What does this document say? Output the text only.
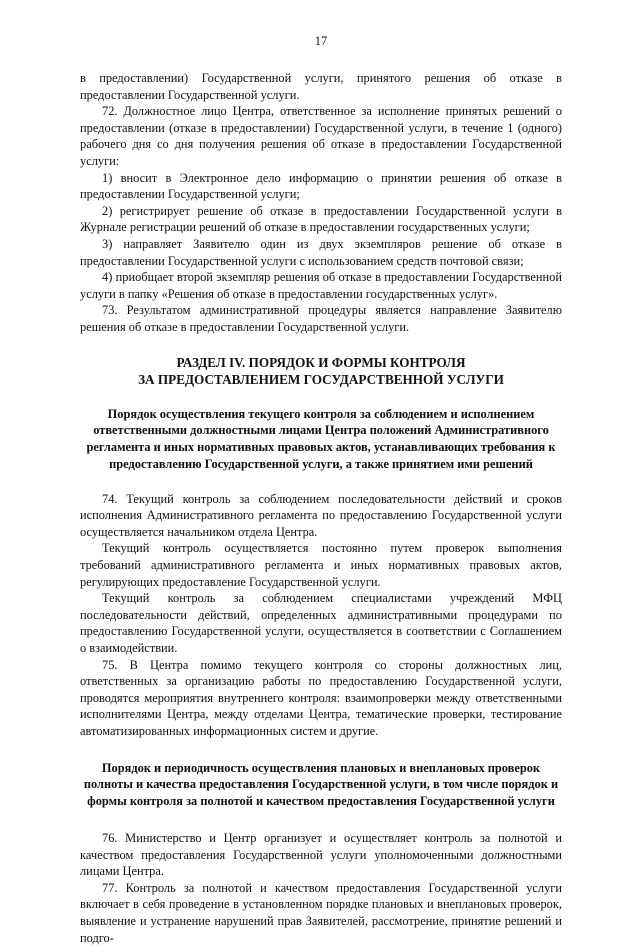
17

в предоставлении) Государственной услуги, принятого решения об отказе в предоставлении Государственной услуги.

72. Должностное лицо Центра, ответственное за исполнение принятых решений о предоставлении (отказе в предоставлении) Государственной услуги, в течение 1 (одного) рабочего дня со дня получения решения об отказе в предоставлении Государственной услуги:

1) вносит в Электронное дело информацию о принятии решения об отказе в предоставлении Государственной услуги;

2) регистрирует решение об отказе в предоставлении Государственной услуги в Журнале регистрации решений об отказе в предоставлении государственных услуги;

3) направляет Заявителю один из двух экземпляров решение об отказе в предоставлении Государственной услуги с использованием средств почтовой связи;

4) приобщает второй экземпляр решения об отказе в предоставлении Государственной услуги в папку «Решения об отказе в предоставлении государственных услуг».

73. Результатом административной процедуры является направление Заявителю решения об отказе в предоставлении Государственной услуги.

РАЗДЕЛ IV. ПОРЯДОК И ФОРМЫ КОНТРОЛЯ
ЗА ПРЕДОСТАВЛЕНИЕМ ГОСУДАРСТВЕННОЙ УСЛУГИ
Порядок осуществления текущего контроля за соблюдением и исполнением ответственными должностными лицами Центра положений Административного регламента и иных нормативных правовых актов, устанавливающих требования к предоставлению Государственной услуги, а также принятием ими решений

74. Текущий контроль за соблюдением последовательности действий и сроков исполнения Административного регламента по предоставлению Государственной услуги осуществляется начальником отдела Центра.

Текущий контроль осуществляется постоянно путем проверок выполнения требований административного регламента и иных нормативных правовых актов, регулирующих предоставление Государственной услуги.

Текущий контроль за соблюдением специалистами учреждений МФЦ последовательности действий, определенных административными процедурами по предоставлению Государственной услуги, осуществляется в соответствии с Соглашением о взаимодействии.

75. В Центра помимо текущего контроля со стороны должностных лиц, ответственных за организацию работы по предоставлению Государственной услуги, проводятся мероприятия внутреннего контроля: взаимопроверки между ответственными исполнителями Центра, между отделами Центра, тематические проверки, тестирование автоматизированных информационных систем и другие.

Порядок и периодичность осуществления плановых и внеплановых проверок полноты и качества предоставления Государственной услуги, в том числе порядок и формы контроля за полнотой и качеством предоставления Государственной услуги

76. Министерство и Центр организует и осуществляет контроль за полнотой и качеством предоставления Государственной услуги уполномоченными должностными лицами Центра.

77. Контроль за полнотой и качеством предоставления Государственной услуги включает в себя проведение в установленном порядке плановых и внеплановых проверок, выявление и устранение нарушений прав Заявителей, рассмотрение, принятие решений и подго-
